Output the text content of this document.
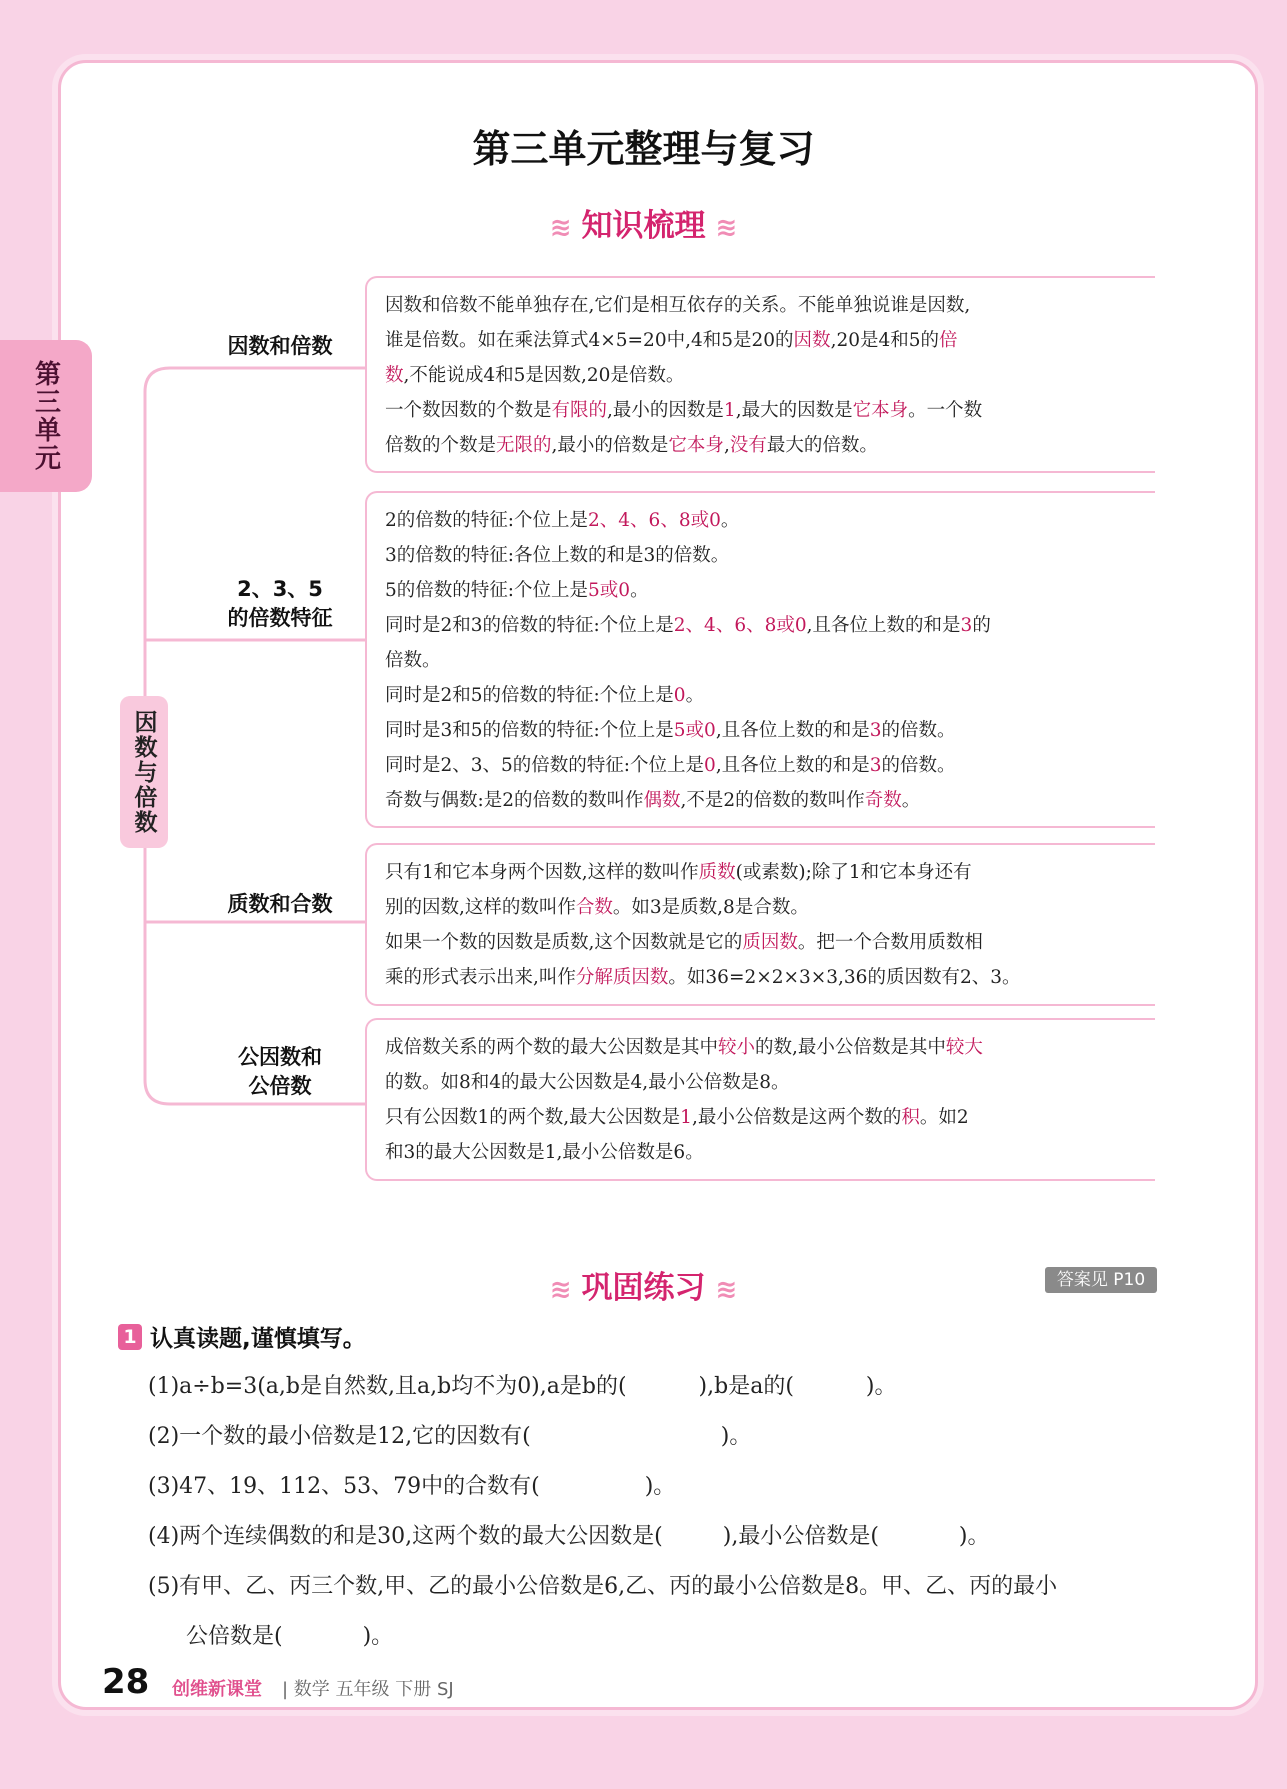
第三单元
第三单元整理与复习
≋ 知识梳理 ≋
因数与倍数
因数和倍数
2、3、5
的倍数特征
质数和合数
公因数和
公倍数

因数和倍数不能单独存在,它们是相互依存的关系。不能单独说谁是因数,

谁是倍数。如在乘法算式4×5=20中,4和5是20的因数,20是4和5的倍

数,不能说成4和5是因数,20是倍数。

一个数因数的个数是有限的,最小的因数是1,最大的因数是它本身。一个数

倍数的个数是无限的,最小的倍数是它本身,没有最大的倍数。

2的倍数的特征:个位上是2、4、6、8或0。

3的倍数的特征:各位上数的和是3的倍数。

5的倍数的特征:个位上是5或0。

同时是2和3的倍数的特征:个位上是2、4、6、8或0,且各位上数的和是3的

倍数。

同时是2和5的倍数的特征:个位上是0。

同时是3和5的倍数的特征:个位上是5或0,且各位上数的和是3的倍数。

同时是2、3、5的倍数的特征:个位上是0,且各位上数的和是3的倍数。

奇数与偶数:是2的倍数的数叫作偶数,不是2的倍数的数叫作奇数。

只有1和它本身两个因数,这样的数叫作质数(或素数);除了1和它本身还有

别的因数,这样的数叫作合数。如3是质数,8是合数。

如果一个数的因数是质数,这个因数就是它的质因数。把一个合数用质数相

乘的形式表示出来,叫作分解质因数。如36=2×2×3×3,36的质因数有2、3。

成倍数关系的两个数的最大公因数是其中较小的数,最小公倍数是其中较大

的数。如8和4的最大公因数是4,最小公倍数是8。

只有公因数1的两个数,最大公因数是1,最小公倍数是这两个数的积。如2

和3的最大公因数是1,最小公倍数是6。

≋ 巩固练习 ≋	答案见 P10
1 认真读题,谨慎填写。
(1)a÷b=3(a,b是自然数,且a,b均不为0),a是b的(	),b是a的(	)。
(2)一个数的最小倍数是12,它的因数有(	)。
(3)47、19、112、53、79中的合数有(	)。
(4)两个连续偶数的和是30,这两个数的最大公因数是(	),最小公倍数是(	)。
(5)有甲、乙、丙三个数,甲、乙的最小公倍数是6,乙、丙的最小公倍数是8。甲、乙、丙的最小
公倍数是(	)。
28 创维新课堂 | 数学 五年级 下册 SJ
